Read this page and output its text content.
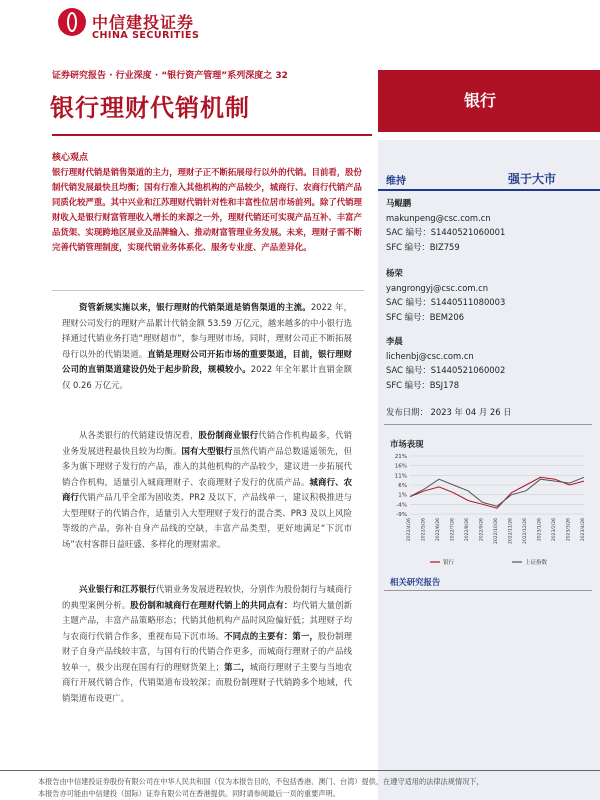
中信建投证券
CHINA SECURITIES
证券研究报告 · 行业深度 · “银行资产管理”系列深度之 32
银行理财代销机制	银行
核心观点
银行理财代销是销售渠道的主力，理财子正不断拓展母行以外的代销。目前看，股份制代销发展最快且均衡；国有行准入其他机构的产品较少，城商行、农商行代销产品同质化较严重。其中兴业和江苏理财代销针对性和丰富性位居市场前列。除了代销理财收入是银行财富管理收入增长的来源之一外，理财代销还可实现产品互补、丰富产品货架、实现跨地区展业及品牌输入、推动财富管理业务发展。未来，理财子需不断完善代销管理制度，实现代销业务体系化、服务专业度、产品差异化。
资管新规实施以来，银行理财的代销渠道是销售渠道的主流。2022 年，理财公司发行的理财产品累计代销金额 53.59 万亿元，越来越多的中小银行选择通过代销业务打造“理财超市”，参与理财市场。同时，理财公司正不断拓展母行以外的代销渠道。直销是理财公司开拓市场的重要渠道，目前，银行理财公司的直销渠道建设仍处于起步阶段，规模较小。2022 年全年累计直销金额仅 0.26 万亿元。
从各类银行的代销建设情况看，股份制商业银行代销合作机构最多，代销业务发展进程最快且较为均衡。国有大型银行虽然代销产品总数遥遥领先，但多为旗下理财子发行的产品，准入的其他机构的产品较少，建议进一步拓展代销合作机构，适量引入城商理财子、农商理财子发行的优质产品。城商行、农商行代销产品几乎全部为固收类、PR2 及以下，产品线单一，建议积极推进与大型理财子的代销合作，适量引入大型理财子发行的混合类、PR3 及以上风险等级的产品，弥补自身产品线的空缺，丰富产品类型，更好地满足“下沉市场”农村客群日益旺盛、多样化的理财需求。
兴业银行和江苏银行代销业务发展进程较快，分别作为股份制行与城商行的典型案例分析。股份制和城商行在理财代销上的共同点有：均代销大量创新主题产品，丰富产品策略形态；代销其他机构产品时风险偏好低；其理财子均与农商行代销合作多，重视布局下沉市场。不同点的主要有：第一，股份制理财子自身产品线较丰富，与国有行的代销合作更多，而城商行理财子的产品线较单一，极少出现在国有行的理财货架上；第二，城商行理财子主要与当地农商行开展代销合作，代销渠道布设较深；而股份制理财子代销跨多个地域，代销渠道布设更广。
维持	强于大市
马鲲鹏
makunpeng@csc.com.cn
SAC 编号：S1440521060001
SFC 编号：BIZ759
杨荣
yangrongyj@csc.com.cn
SAC 编号：S1440511080003
SFC 编号：BEM206
李晨
lichenbj@csc.com.cn
SAC 编号：S1440521060002
SFC 编号：BSJ178
发布日期： 2023 年 04 月 26 日
市场表现
21%
16%
11%
6%
1%
-4%
-9%
2022/4/26 2022/5/26 2022/6/26 2022/7/26 2022/8/26 2022/9/26 2022/10/26 2022/11/26 2022/12/26 2023/1/26 2023/2/26 2023/3/26 2023/4/26
银行	上证指数
相关研究报告
本报告由中信建投证券股份有限公司在中华人民共和国（仅为本报告目的，不包括香港、澳门、台湾）提供，在遵守适用的法律法规情况下，
本报告亦可能由中信建投（国际）证券有限公司在香港提供。同时请参阅最后一页的重要声明。
